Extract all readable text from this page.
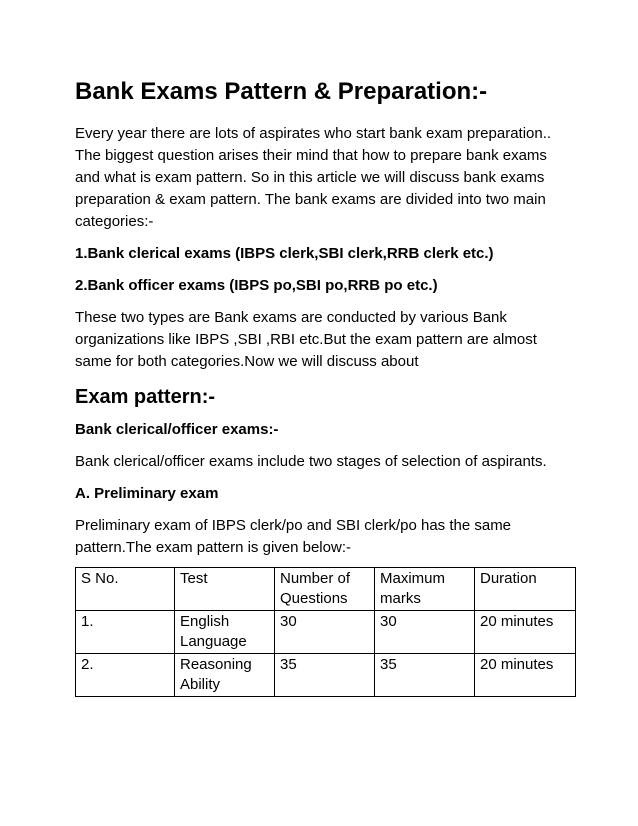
Bank Exams Pattern & Preparation:-

Every year there are lots of aspirates who start bank exam preparation.. The biggest question arises their mind that how to prepare bank exams and what is exam pattern. So in this article we will discuss bank exams preparation & exam pattern. The bank exams are divided into two main categories:-

1.Bank clerical exams (IBPS clerk,SBI clerk,RRB clerk etc.)

2.Bank officer exams (IBPS po,SBI po,RRB po etc.)

These two types are Bank exams are conducted by various Bank organizations like IBPS ,SBI ,RBI etc.But the exam pattern are almost same for both categories.Now we will discuss about

Exam pattern:-

Bank clerical/officer exams:-

Bank clerical/officer exams include two stages of selection of aspirants.

A. Preliminary exam

Preliminary exam of IBPS clerk/po and SBI clerk/po has the same pattern.The exam pattern is given below:-

S No.	Test	Number of Questions	Maximum marks	Duration
1.	English Language	30	30	20 minutes
2.	Reasoning Ability	35	35	20 minutes
